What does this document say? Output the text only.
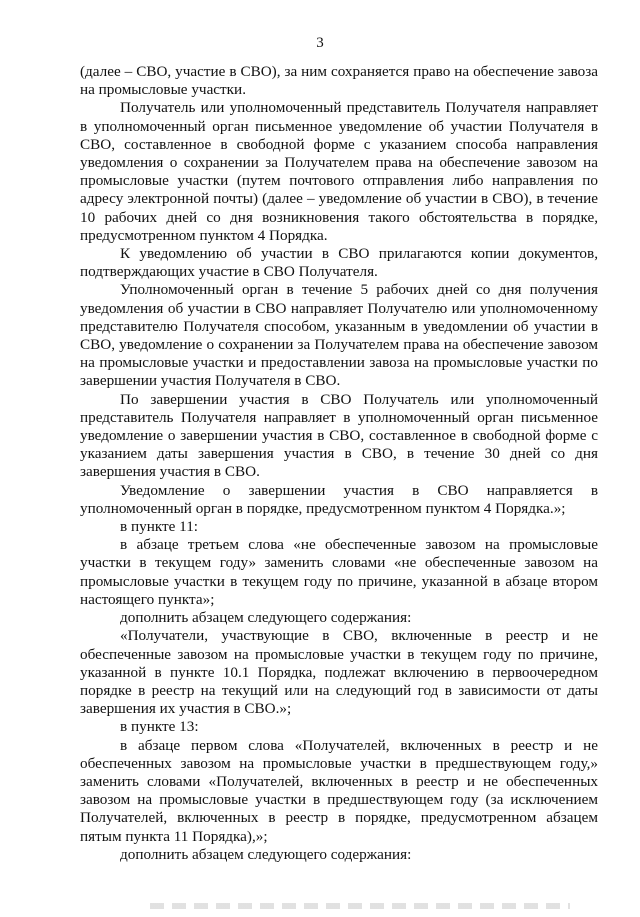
3

(далее – СВО, участие в СВО), за ним сохраняется право на обеспечение завоза на промысловые участки.

Получатель или уполномоченный представитель Получателя направляет в уполномоченный орган письменное уведомление об участии Получателя в СВО, составленное в свободной форме с указанием способа направления уведомления о сохранении за Получателем права на обеспечение завозом на промысловые участки (путем почтового отправления либо направления по адресу электронной почты) (далее – уведомление об участии в СВО), в течение 10 рабочих дней со дня возникновения такого обстоятельства в порядке, предусмотренном пунктом 4 Порядка.

К уведомлению об участии в СВО прилагаются копии документов, подтверждающих участие в СВО Получателя.

Уполномоченный орган в течение 5 рабочих дней со дня получения уведомления об участии в СВО направляет Получателю или уполномоченному представителю Получателя способом, указанным в уведомлении об участии в СВО, уведомление о сохранении за Получателем права на обеспечение завозом на промысловые участки и предоставлении завоза на промысловые участки по завершении участия Получателя в СВО.

По завершении участия в СВО Получатель или уполномоченный представитель Получателя направляет в уполномоченный орган письменное уведомление о завершении участия в СВО, составленное в свободной форме с указанием даты завершения участия в СВО, в течение 30 дней со дня завершения участия в СВО.

Уведомление о завершении участия в СВО направляется в уполномоченный орган в порядке, предусмотренном пунктом 4 Порядка.»;

в пункте 11:

в абзаце третьем слова «не обеспеченные завозом на промысловые участки в текущем году» заменить словами «не обеспеченные завозом на промысловые участки в текущем году по причине, указанной в абзаце втором настоящего пункта»;

дополнить абзацем следующего содержания:

«Получатели, участвующие в СВО, включенные в реестр и не обеспеченные завозом на промысловые участки в текущем году по причине, указанной в пункте 10.1 Порядка, подлежат включению в первоочередном порядке в реестр на текущий или на следующий год в зависимости от даты завершения их участия в СВО.»;

в пункте 13:

в абзаце первом слова «Получателей, включенных в реестр и не обеспеченных завозом на промысловые участки в предшествующем году,» заменить словами «Получателей, включенных в реестр и не обеспеченных завозом на промысловые участки в предшествующем году (за исключением Получателей, включенных в реестр в порядке, предусмотренном абзацем пятым пункта 11 Порядка),»;

дополнить абзацем следующего содержания:
